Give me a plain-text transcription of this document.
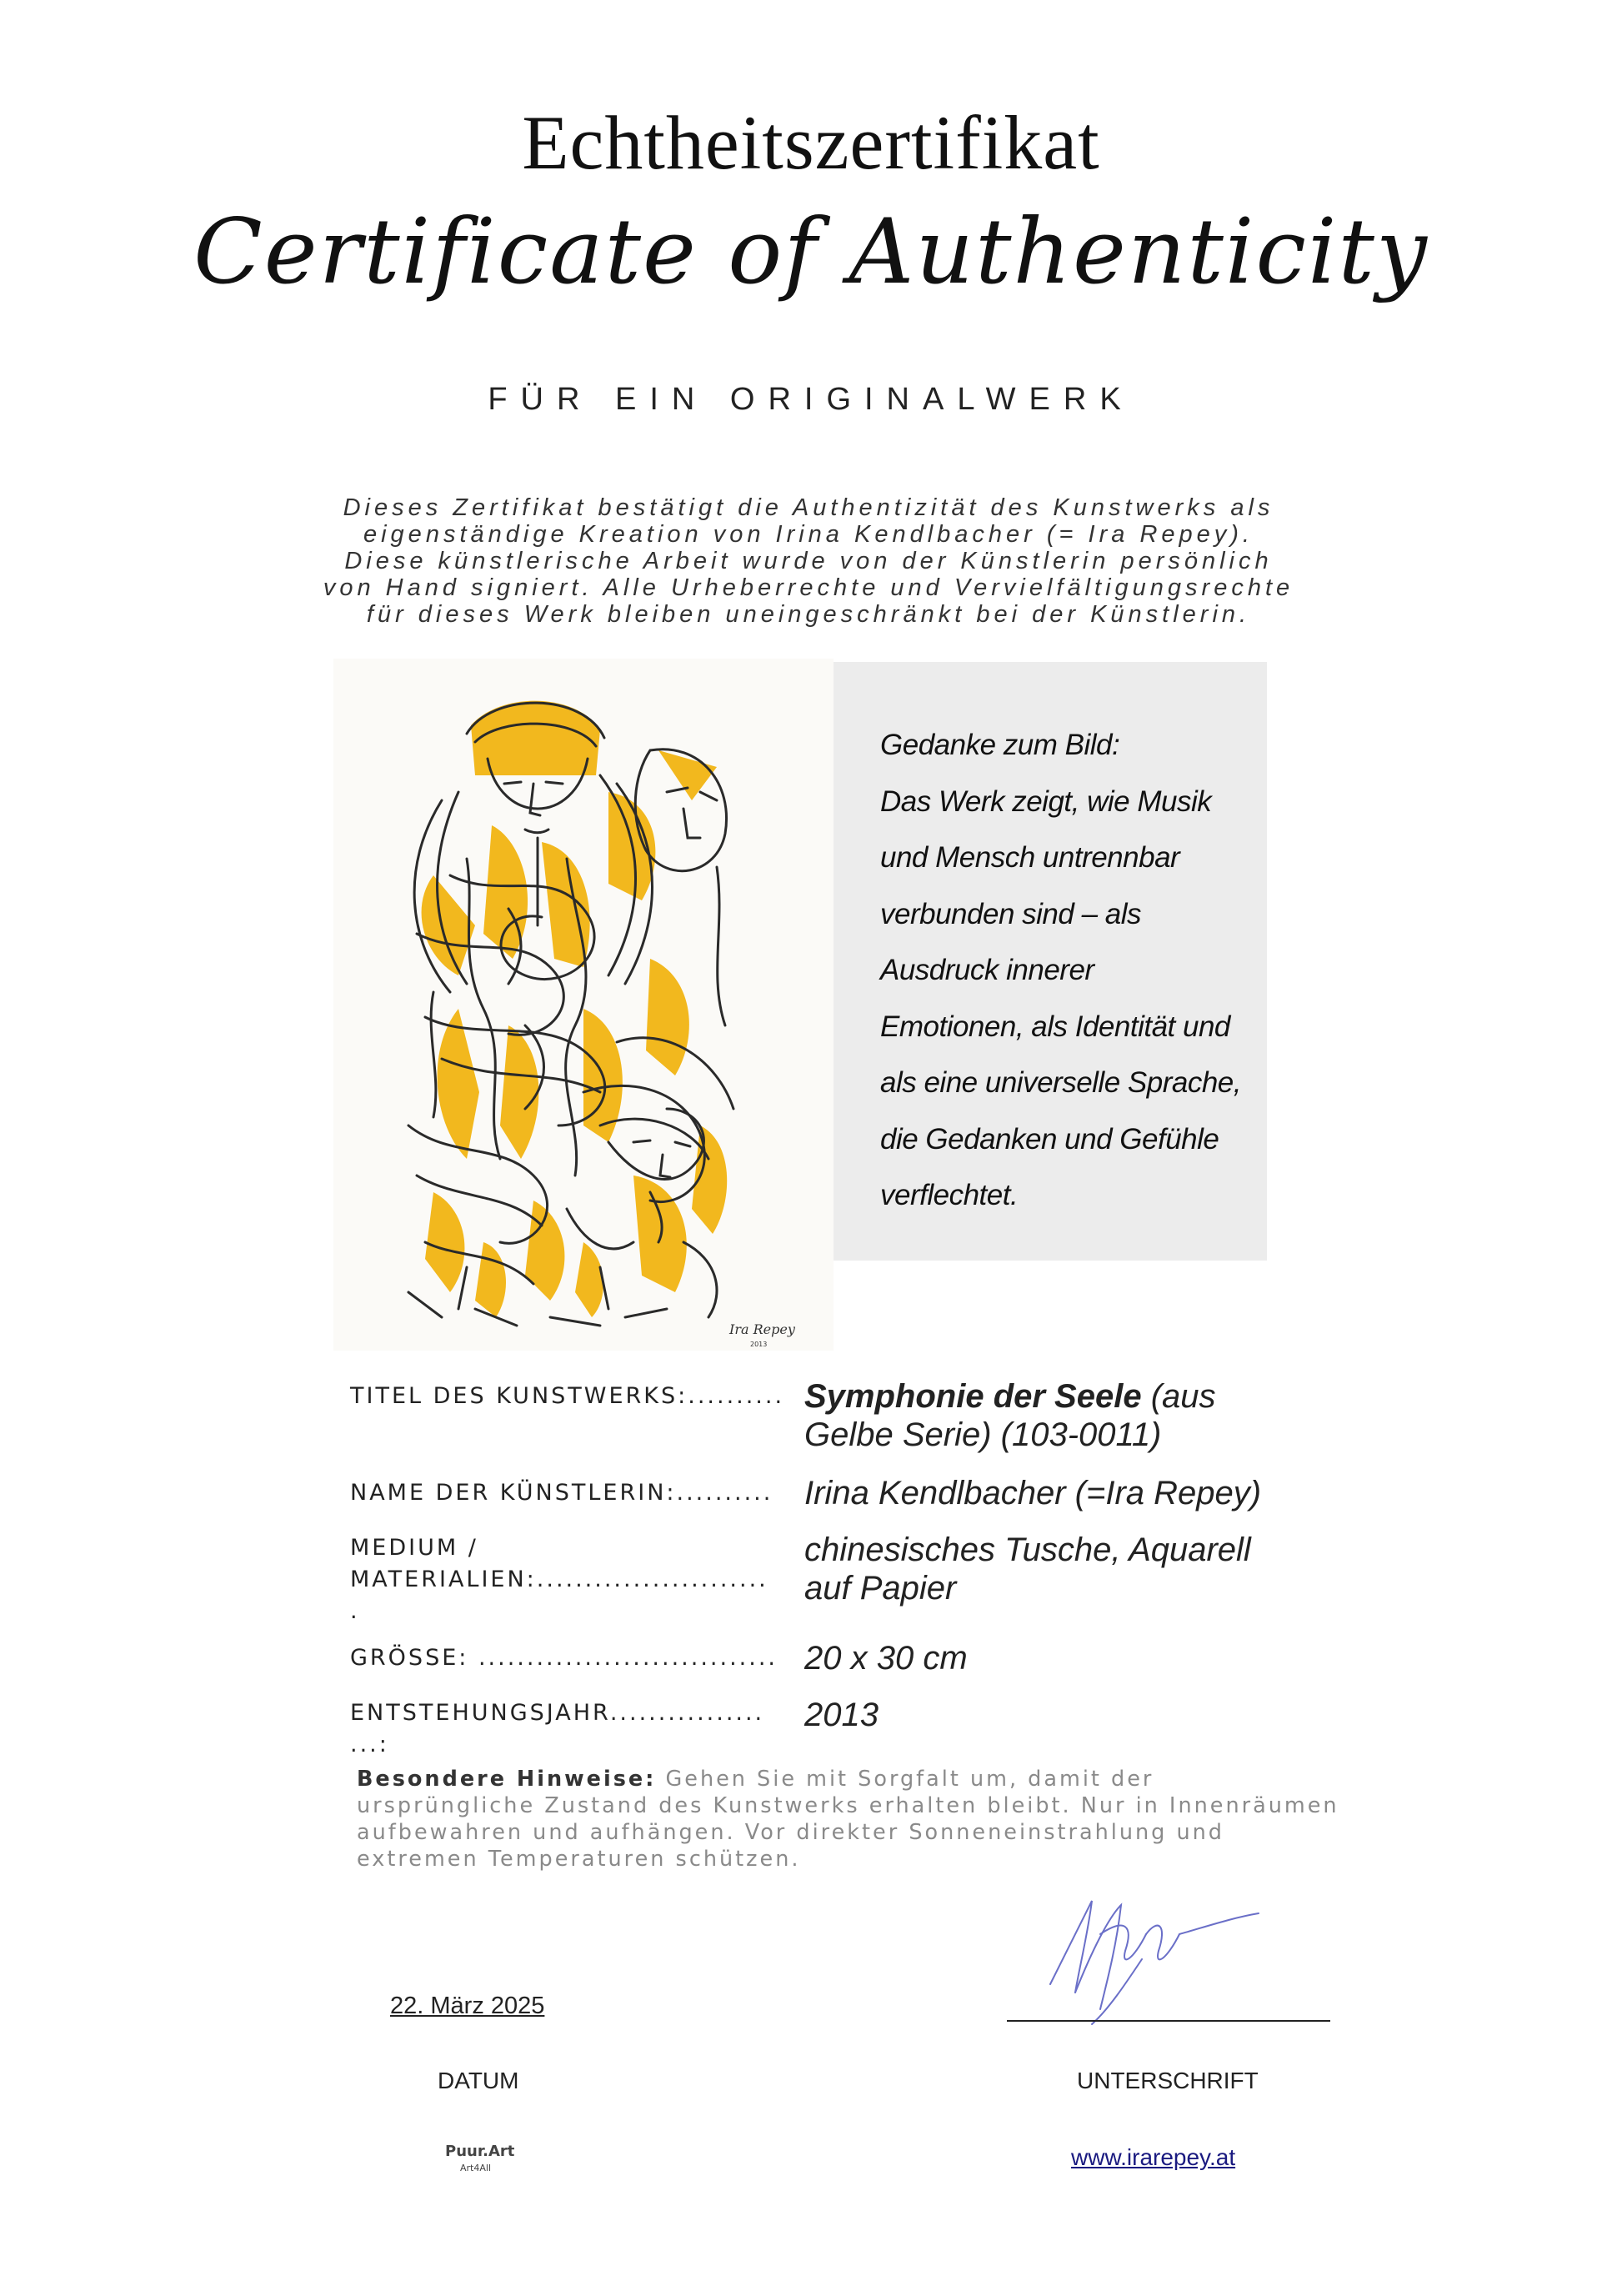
Echtheitszertifikat
Certificate of Authenticity
FÜR EIN ORIGINALWERK
Dieses Zertifikat bestätigt die Authentizität des Kunstwerks als
eigenständige Kreation von Irina Kendlbacher (= Ira Repey).
Diese künstlerische Arbeit wurde von der Künstlerin persönlich
von Hand signiert. Alle Urheberrechte und Vervielfältigungsrechte
für dieses Werk bleiben uneingeschränkt bei der Künstlerin.
Ira Repey
2013
Gedanke zum Bild:
Das Werk zeigt, wie Musik
und Mensch untrennbar
verbunden sind – als
Ausdruck innerer
Emotionen, als Identität und
als eine universelle Sprache,
die Gedanken und Gefühle
verflechtet.
TITEL DES KUNSTWERKS:.......... Symphonie der Seele (aus
Gelbe Serie) (103-0011)
NAME DER KÜNSTLERIN:.......... Irina Kendlbacher (=Ira Repey)
MEDIUM /
MATERIALIEN:........................
.
chinesisches Tusche, Aquarell
auf Papier
GRÖSSE: ............................... 20 x 30 cm
ENTSTEHUNGSJAHR................
...:
2013
Besondere Hinweise: Gehen Sie mit Sorgfalt um, damit der ursprüngliche Zustand des Kunstwerks erhalten bleibt. Nur in Innenräumen aufbewahren und aufhängen. Vor direkter Sonneneinstrahlung und extremen Temperaturen schützen.
22. März 2025
DATUM	UNTERSCHRIFT
Puur.Art
Art4All	www.irarepey.at
